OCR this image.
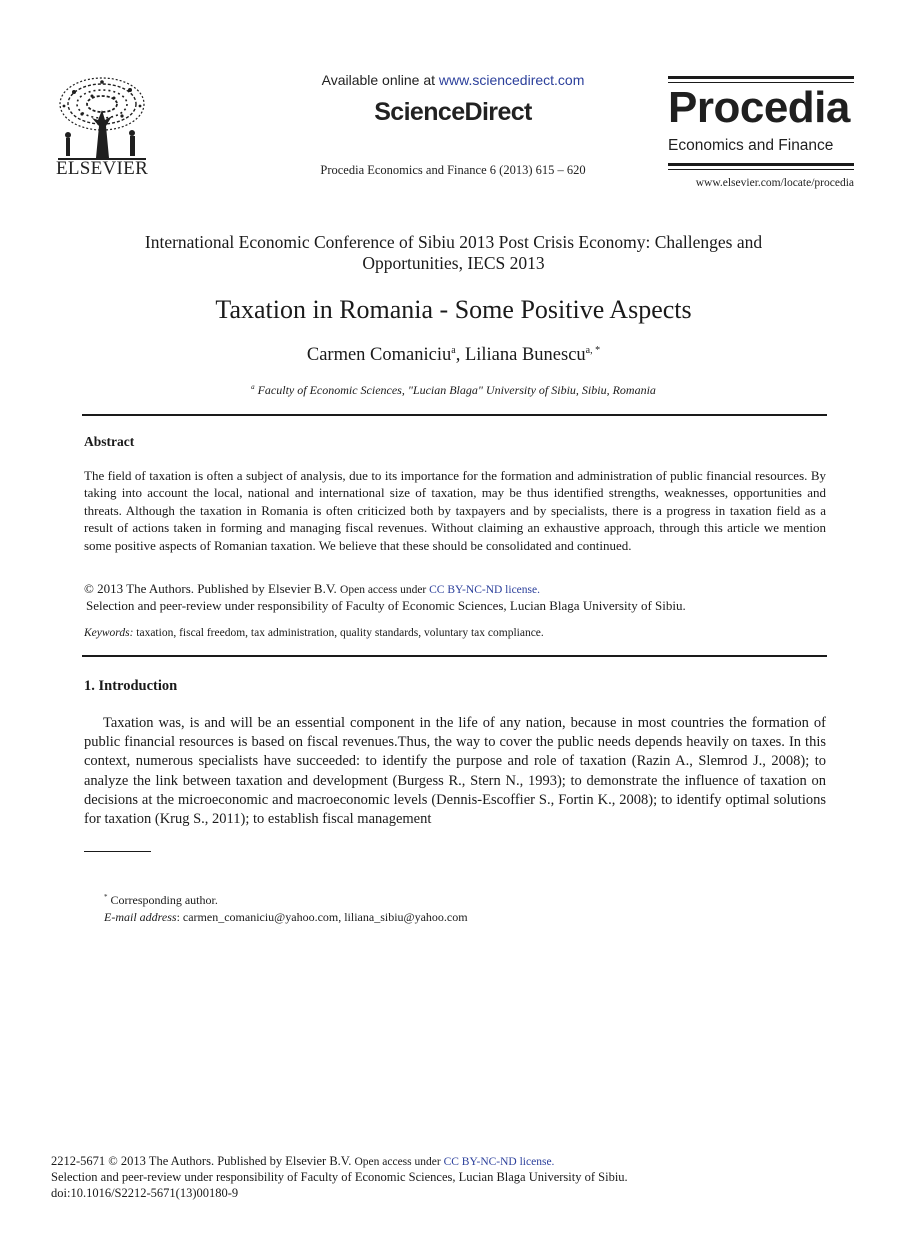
ELSEVIER
Available online at www.sciencedirect.com
ScienceDirect
Procedia Economics and Finance 6 (2013) 615 – 620
Procedia
Economics and Finance
www.elsevier.com/locate/procedia
International Economic Conference of Sibiu 2013 Post Crisis Economy: Challenges and
Opportunities, IECS 2013
Taxation in Romania - Some Positive Aspects
Carmen Comaniciu$^a$, Liliana Bunescu$^{a, *}$
$^a$ Faculty of Economic Sciences, "Lucian Blaga" University of Sibiu, Sibiu, Romania
Abstract
The field of taxation is often a subject of analysis, due to its importance for the formation and administration of public financial resources. By taking into account the local, national and international size of taxation, may be thus identified strengths, weaknesses, opportunities and threats. Although the taxation in Romania is often criticized both by taxpayers and by specialists, there is a progress in taxation field as a result of actions taken in forming and managing fiscal revenues. Without claiming an exhaustive approach, through this article we mention some positive aspects of Romanian taxation. We believe that these should be consolidated and continued.
© 2013 The Authors. Published by Elsevier B.V. Open access under CC BY-NC-ND license.
Selection and peer-review under responsibility of Faculty of Economic Sciences, Lucian Blaga University of Sibiu.
Keywords: taxation, fiscal freedom, tax administration, quality standards, voluntary tax compliance.
1. Introduction
Taxation was, is and will be an essential component in the life of any nation, because in most countries the formation of public financial resources is based on fiscal revenues.Thus, the way to cover the public needs depends heavily on taxes. In this context, numerous specialists have succeeded: to identify the purpose and role of taxation (Razin A., Slemrod J., 2008); to analyze the link between taxation and development (Burgess R., Stern N., 1993); to demonstrate the influence of taxation on decisions at the microeconomic and macroeconomic levels (Dennis-Escoffier S., Fortin K., 2008); to identify optimal solutions for taxation (Krug S., 2011); to establish fiscal management
* Corresponding author.
E-mail address: carmen_comaniciu@yahoo.com, liliana_sibiu@yahoo.com
2212-5671 © 2013 The Authors. Published by Elsevier B.V. Open access under CC BY-NC-ND license.
Selection and peer-review under responsibility of Faculty of Economic Sciences, Lucian Blaga University of Sibiu.
doi:10.1016/S2212-5671(13)00180-9
